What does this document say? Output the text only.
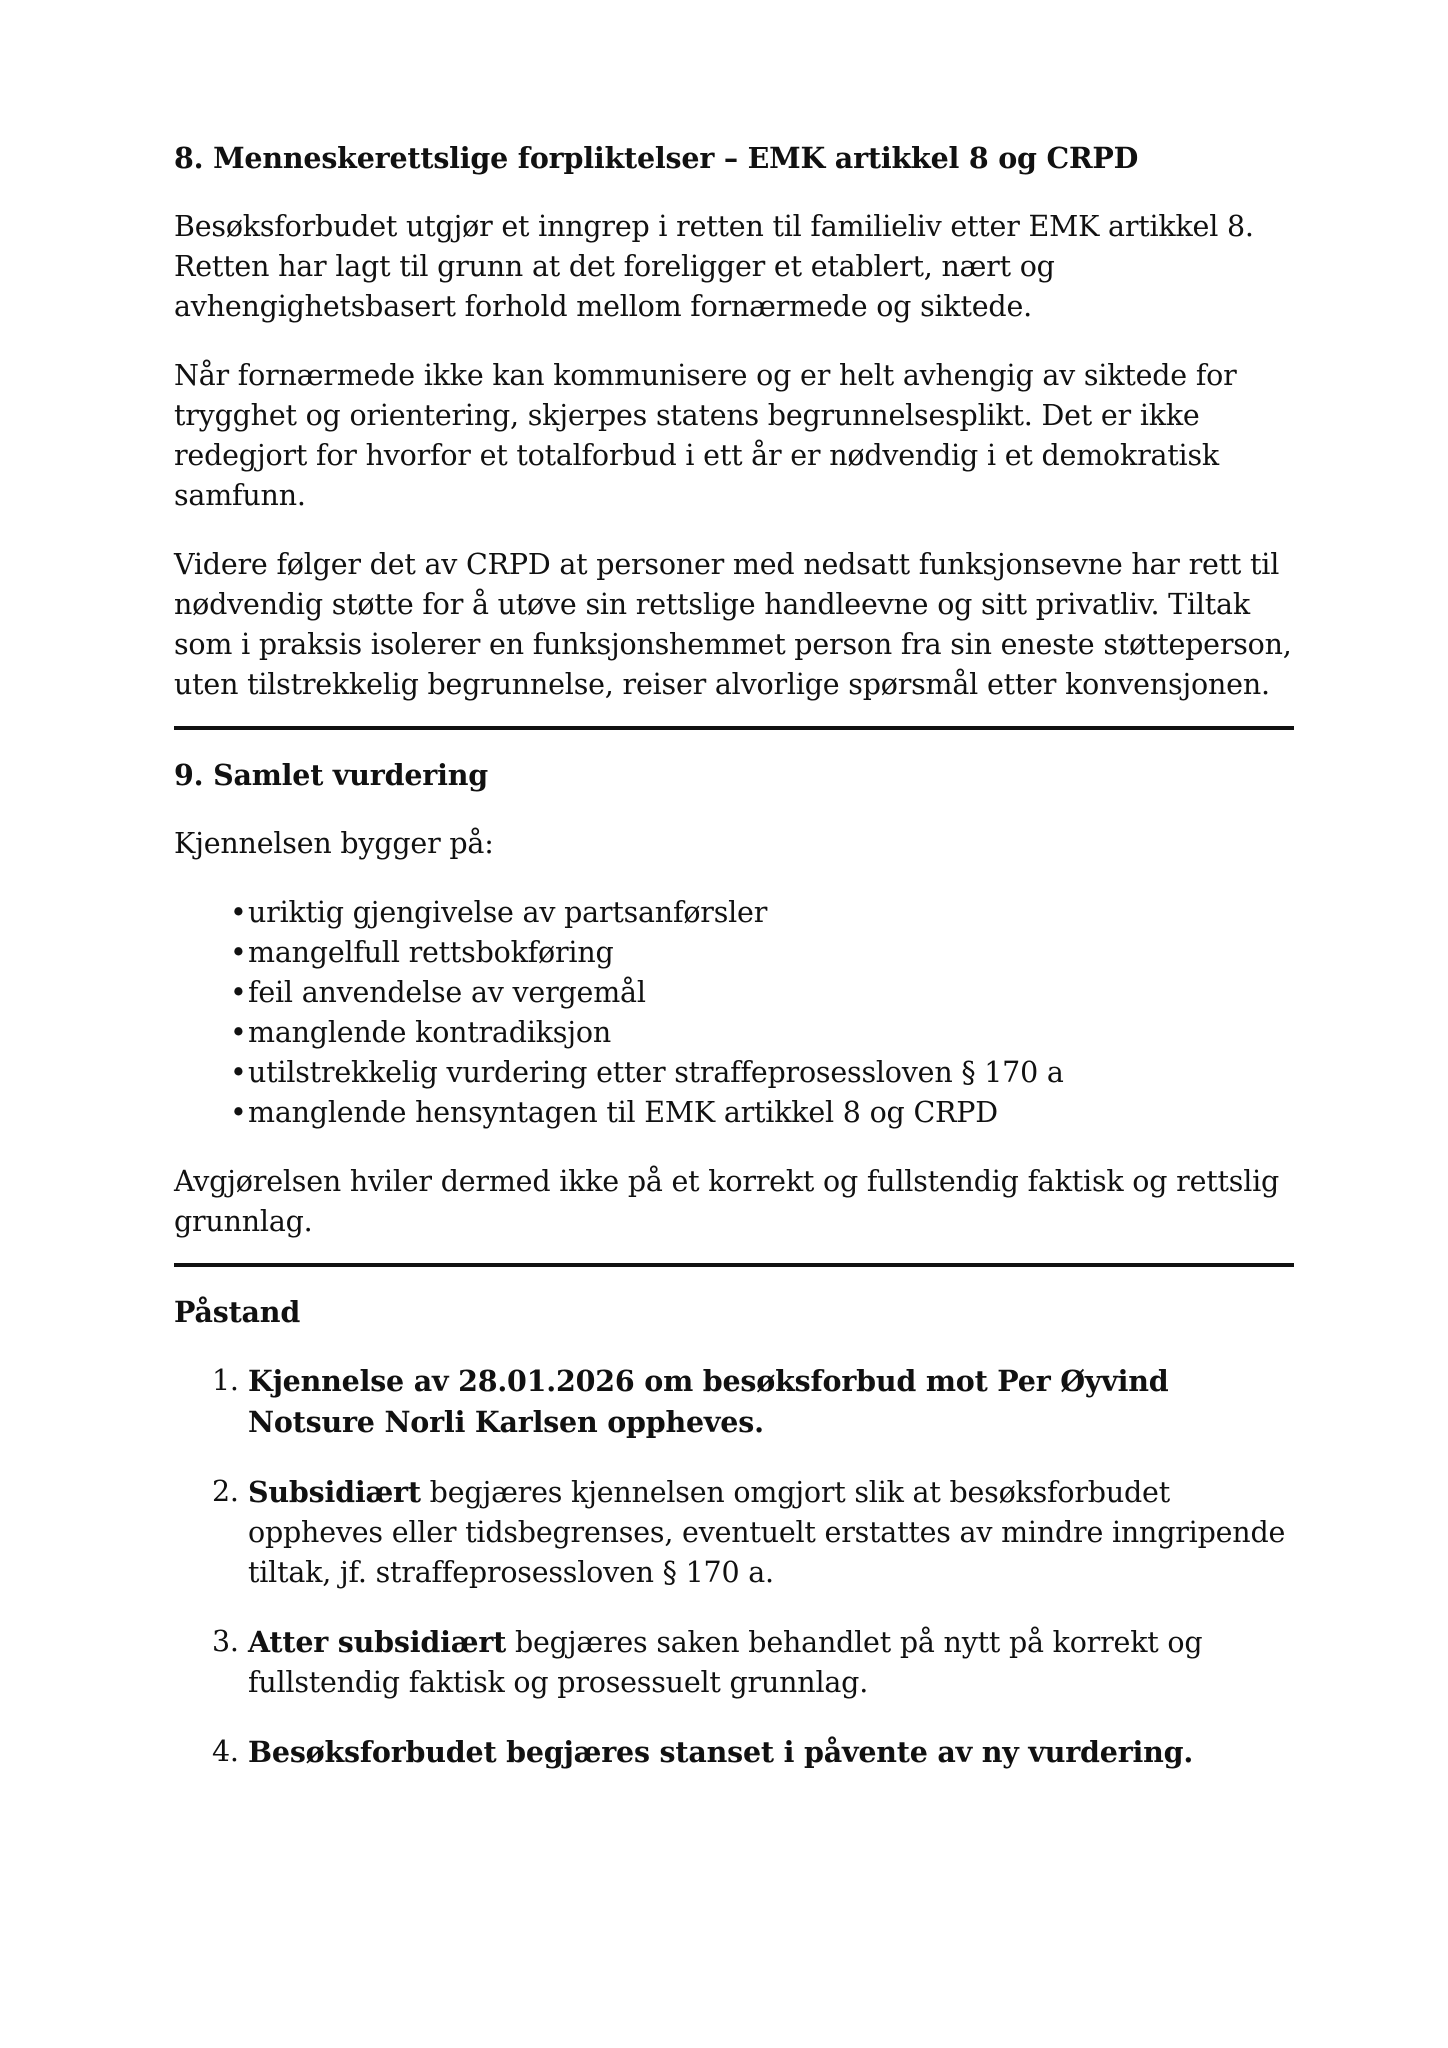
8. Menneskerettslige forpliktelser – EMK artikkel 8 og CRPD

Besøksforbudet utgjør et inngrep i retten til familieliv etter EMK artikkel 8. Retten har lagt til grunn at det foreligger et etablert, nært og avhengighetsbasert forhold mellom fornærmede og siktede.

Når fornærmede ikke kan kommunisere og er helt avhengig av siktede for trygghet og orientering, skjerpes statens begrunnelsesplikt. Det er ikke redegjort for hvorfor et totalforbud i ett år er nødvendig i et demokratisk samfunn.

Videre følger det av CRPD at personer med nedsatt funksjonsevne har rett til nødvendig støtte for å utøve sin rettslige handleevne og sitt privatliv. Tiltak som i praksis isolerer en funksjonshemmet person fra sin eneste støtteperson, uten tilstrekkelig begrunnelse, reiser alvorlige spørsmål etter konvensjonen.

9. Samlet vurdering

Kjennelsen bygger på:

• uriktig gjengivelse av partsanførsler
• mangelfull rettsbokføring
• feil anvendelse av vergemål
• manglende kontradiksjon
• utilstrekkelig vurdering etter straffeprosessloven § 170 a
• manglende hensyntagen til EMK artikkel 8 og CRPD

Avgjørelsen hviler dermed ikke på et korrekt og fullstendig faktisk og rettslig grunnlag.

Påstand
1. Kjennelse av 28.01.2026 om besøksforbud mot Per Øyvind Notsure Norli Karlsen oppheves.
2. Subsidiært begjæres kjennelsen omgjort slik at besøksforbudet oppheves eller tidsbegrenses, eventuelt erstattes av mindre inngripende tiltak, jf. straffeprosessloven § 170 a.
3. Atter subsidiært begjæres saken behandlet på nytt på korrekt og fullstendig faktisk og prosessuelt grunnlag.
4. Besøksforbudet begjæres stanset i påvente av ny vurdering.
